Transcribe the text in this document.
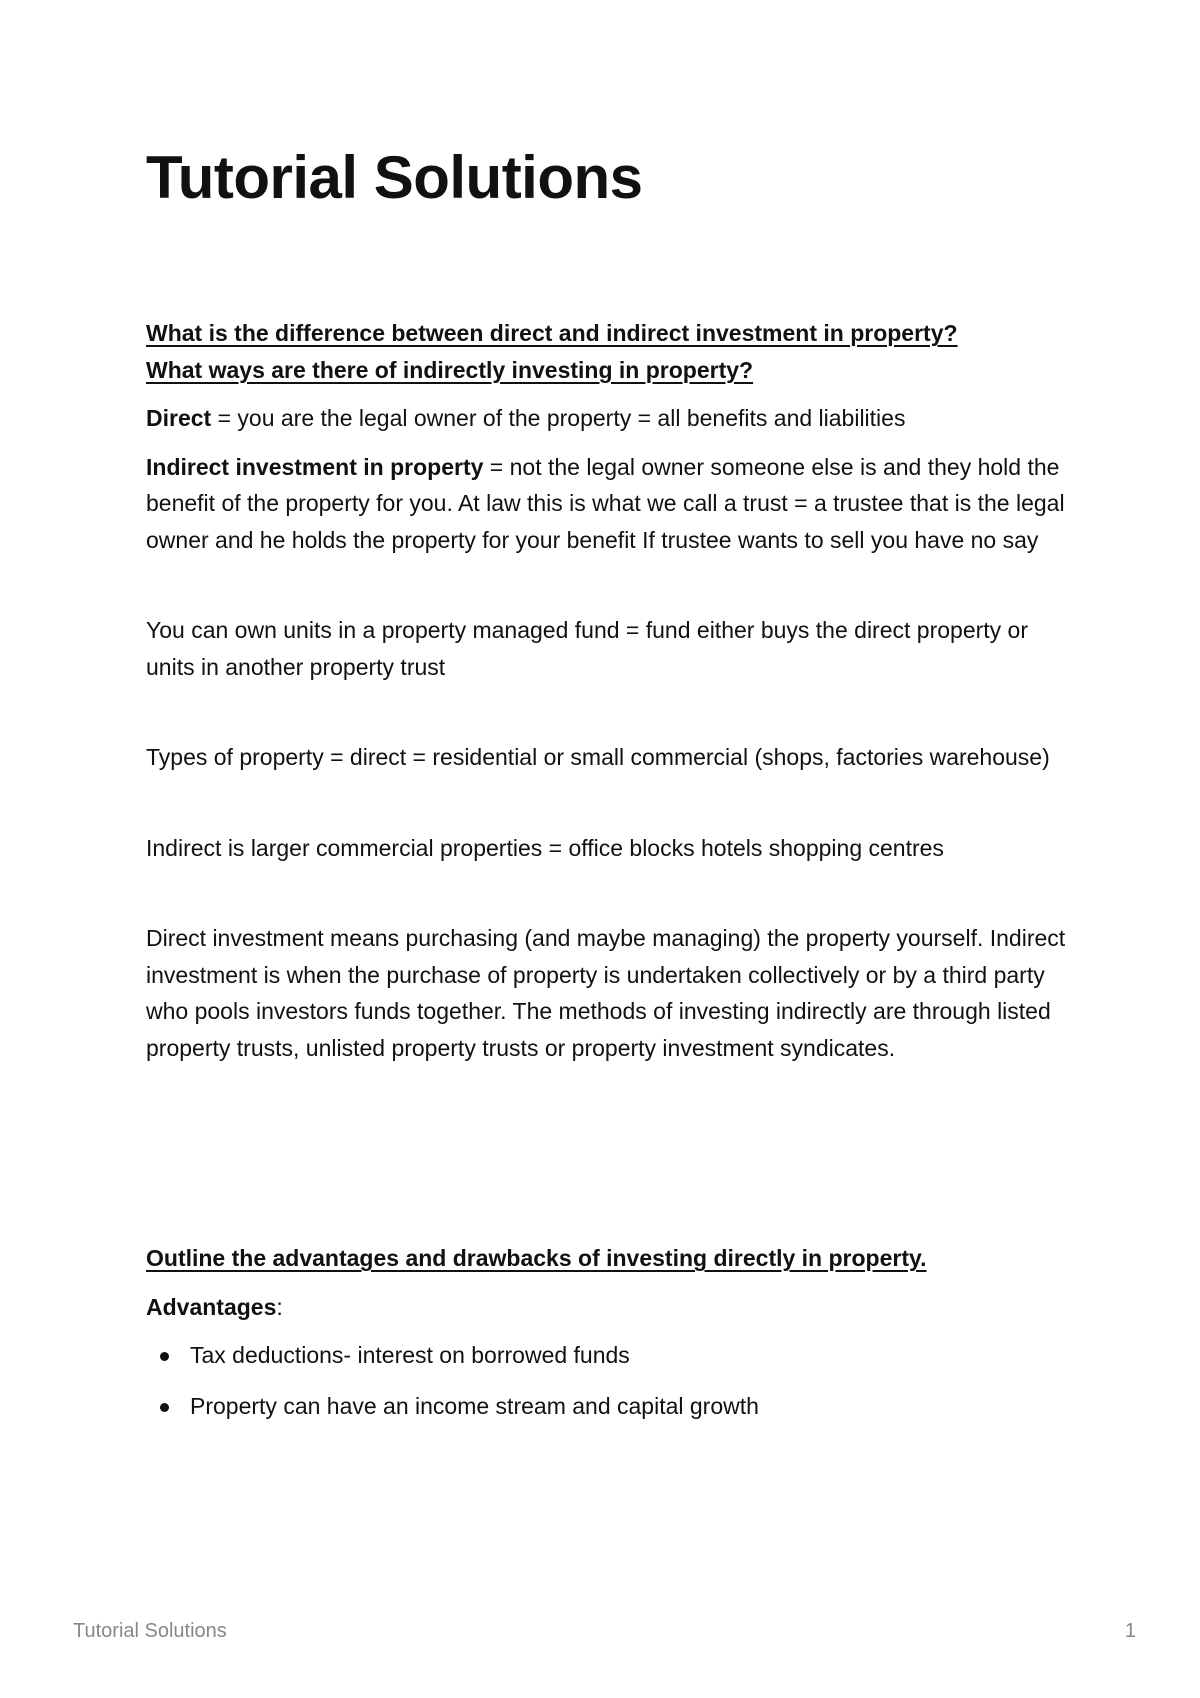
Tutorial Solutions

What is the difference between direct and indirect investment in property?

What ways are there of indirectly investing in property?

Direct = you are the legal owner of the property = all benefits and liabilities

Indirect investment in property = not the legal owner someone else is and they hold the benefit of the property for you. At law this is what we call a trust = a trustee that is the legal owner and he holds the property for your benefit If trustee wants to sell you have no say

You can own units in a property managed fund = fund either buys the direct property or units in another property trust

Types of property = direct = residential or small commercial (shops, factories warehouse)

Indirect is larger commercial properties = office blocks hotels shopping centres

Direct investment means purchasing (and maybe managing) the property yourself. Indirect investment is when the purchase of property is undertaken collectively or by a third party who pools investors funds together. The methods of investing indirectly are through listed property trusts, unlisted property trusts or property investment syndicates.

Outline the advantages and drawbacks of investing directly in property.

Advantages:

Tax deductions- interest on borrowed funds
Property can have an income stream and capital growth
Tutorial Solutions	1
